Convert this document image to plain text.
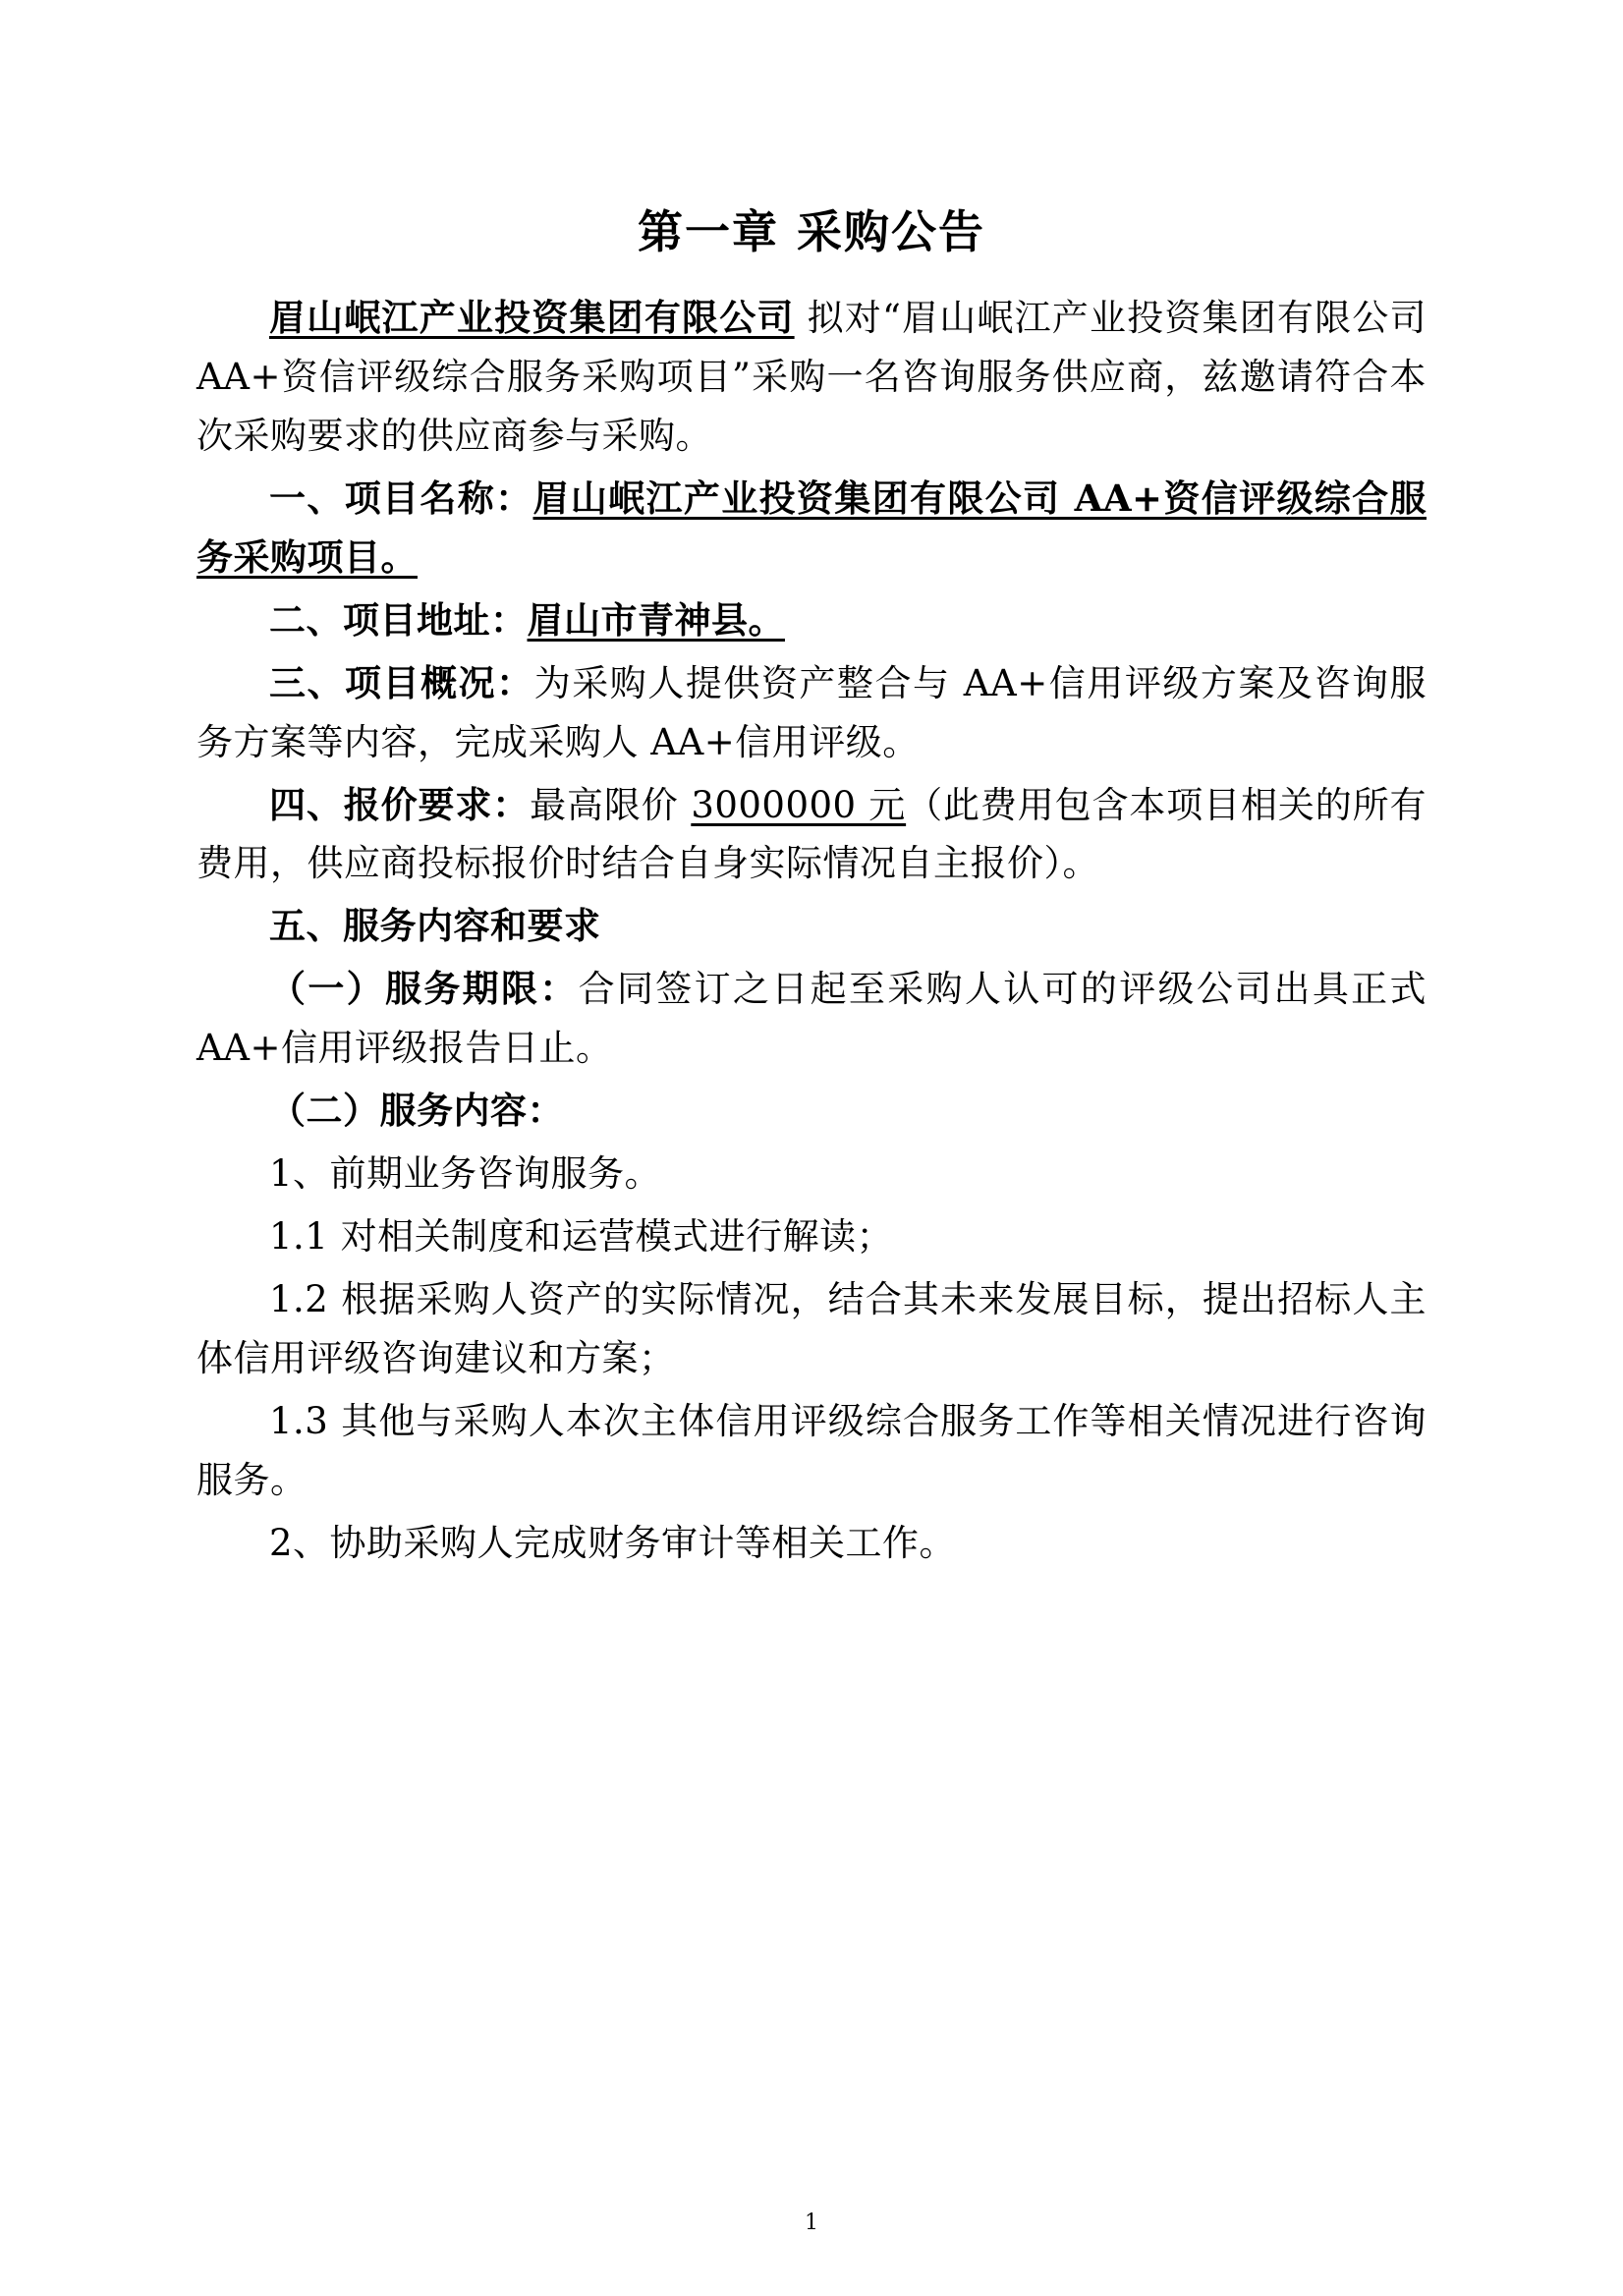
第一章 采购公告

眉山岷江产业投资集团有限公司 拟对“眉山岷江产业投资集团有限公司 AA+资信评级综合服务采购项目”采购一名咨询服务供应商，兹邀请符合本次采购要求的供应商参与采购。

一、项目名称：眉山岷江产业投资集团有限公司 AA+资信评级综合服务采购项目。

二、项目地址：眉山市青神县。

三、项目概况：为采购人提供资产整合与 AA+信用评级方案及咨询服务方案等内容，完成采购人 AA+信用评级。

四、报价要求：最高限价 3000000 元（此费用包含本项目相关的所有费用，供应商投标报价时结合自身实际情况自主报价）。

五、服务内容和要求

（一）服务期限：合同签订之日起至采购人认可的评级公司出具正式 AA+信用评级报告日止。

（二）服务内容：

1、前期业务咨询服务。

1.1 对相关制度和运营模式进行解读；

1.2 根据采购人资产的实际情况，结合其未来发展目标，提出招标人主体信用评级咨询建议和方案；

1.3 其他与采购人本次主体信用评级综合服务工作等相关情况进行咨询服务。

2、协助采购人完成财务审计等相关工作。

1
